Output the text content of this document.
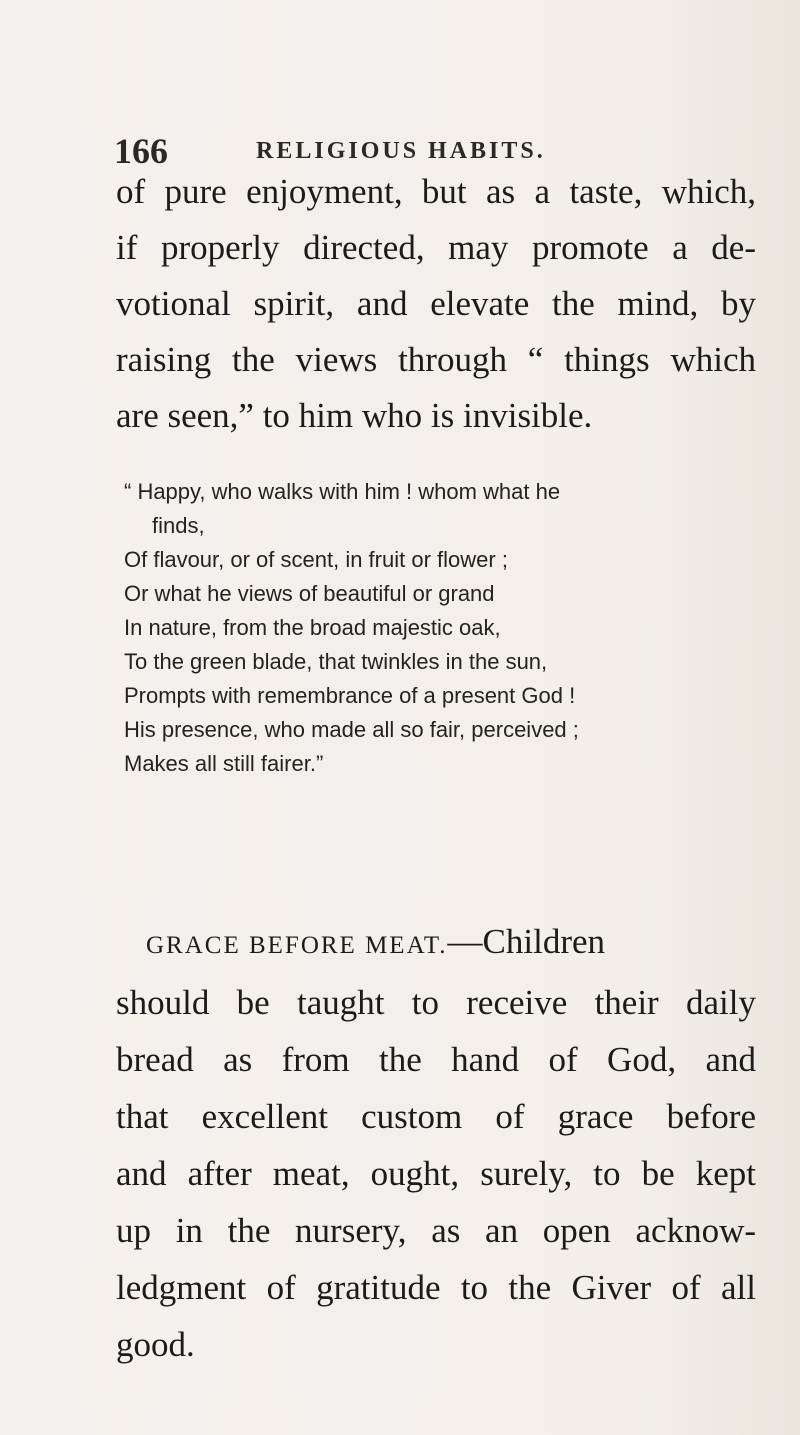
166	RELIGIOUS HABITS.
of pure enjoyment, but as a taste, which,
if properly directed, may promote a de-
votional spirit, and elevate the mind, by
raising the views through “ things which
are seen,” to him who is invisible.
“ Happy, who walks with him ! whom what he
finds,
Of flavour, or of scent, in fruit or flower ;
Or what he views of beautiful or grand
In nature, from the broad majestic oak,
To the green blade, that twinkles in the sun,
Prompts with remembrance of a present God !
His presence, who made all so fair, perceived ;
Makes all still fairer.”
GRACE BEFORE MEAT.—Children
should be taught to receive their daily
bread as from the hand of God, and
that excellent custom of grace before
and after meat, ought, surely, to be kept
up in the nursery, as an open acknow-
ledgment of gratitude to the Giver of all
good.
